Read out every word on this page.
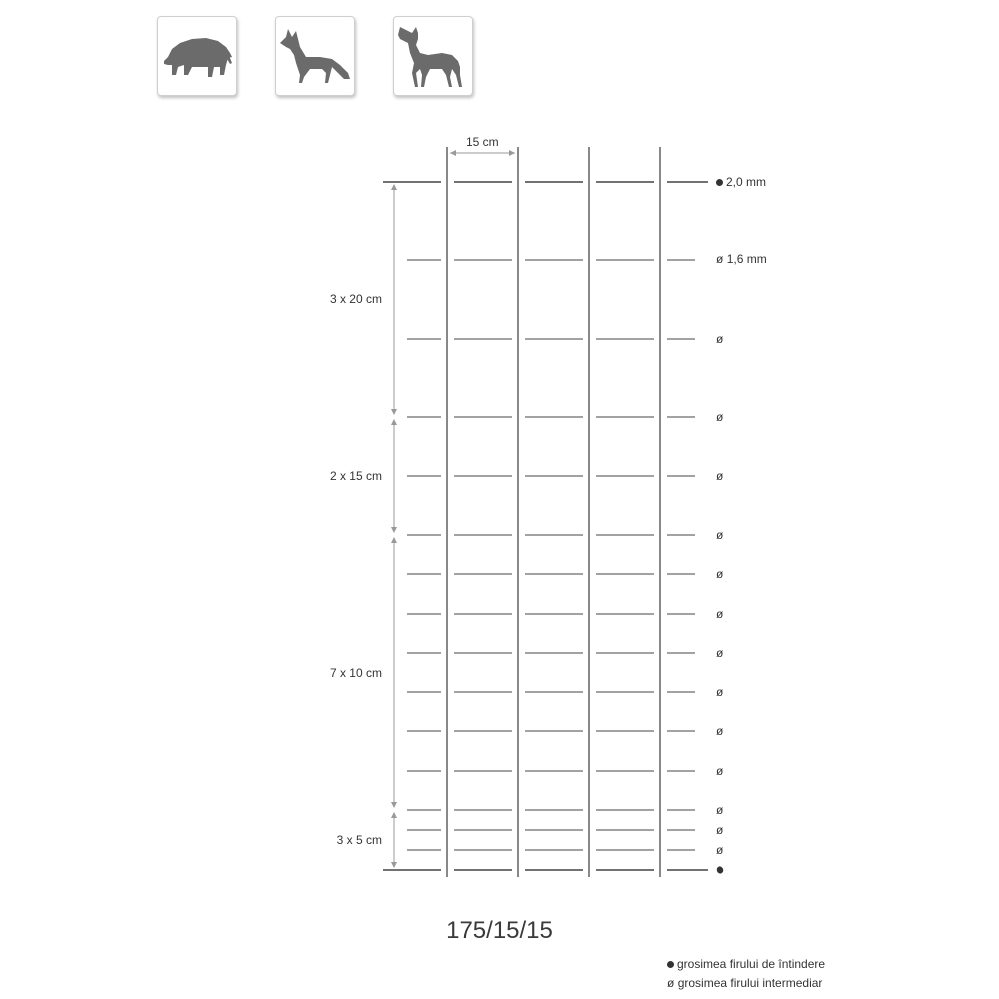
ø
ø
ø
ø
ø
ø
ø
ø
ø
ø
ø
ø
ø
15 cm
2,0 mm
ø 1,6 mm
3 x 20 cm
2 x 15 cm
7 x 10 cm
3 x 5 cm
175/15/15
grosimea firului de întindere
ø grosimea firului intermediar
